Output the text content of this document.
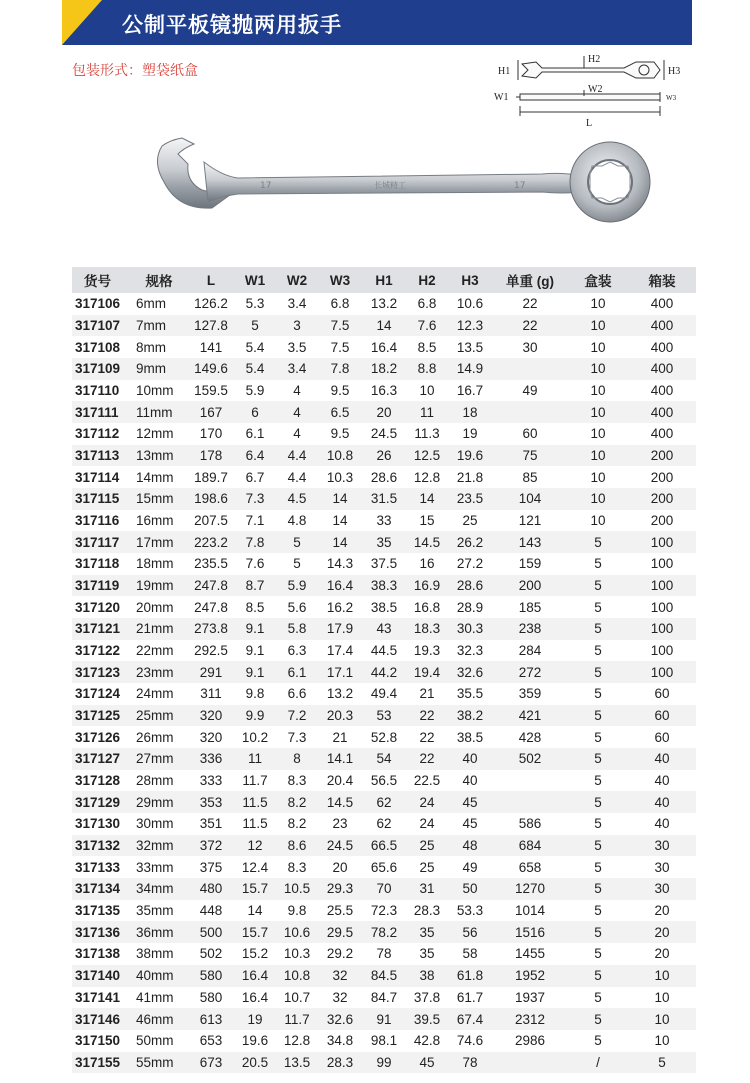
公制平板镜抛两用扳手
包装形式：塑袋纸盒	H1
H2
H3
W1
W2
W3
L
17	长城精工	17
货号	规格	L	W1	W2	W3	H1	H2	H3	单重 (g)	盒装	箱装
317106	6mm	126.2	5.3	3.4	6.8	13.2	6.8	10.6	22	10	400
317107	7mm	127.8	5	3	7.5	14	7.6	12.3	22	10	400
317108	8mm	141	5.4	3.5	7.5	16.4	8.5	13.5	30	10	400
317109	9mm	149.6	5.4	3.4	7.8	18.2	8.8	14.9		10	400
317110	10mm	159.5	5.9	4	9.5	16.3	10	16.7	49	10	400
317111	11mm	167	6	4	6.5	20	11	18		10	400
317112	12mm	170	6.1	4	9.5	24.5	11.3	19	60	10	400
317113	13mm	178	6.4	4.4	10.8	26	12.5	19.6	75	10	200
317114	14mm	189.7	6.7	4.4	10.3	28.6	12.8	21.8	85	10	200
317115	15mm	198.6	7.3	4.5	14	31.5	14	23.5	104	10	200
317116	16mm	207.5	7.1	4.8	14	33	15	25	121	10	200
317117	17mm	223.2	7.8	5	14	35	14.5	26.2	143	5	100
317118	18mm	235.5	7.6	5	14.3	37.5	16	27.2	159	5	100
317119	19mm	247.8	8.7	5.9	16.4	38.3	16.9	28.6	200	5	100
317120	20mm	247.8	8.5	5.6	16.2	38.5	16.8	28.9	185	5	100
317121	21mm	273.8	9.1	5.8	17.9	43	18.3	30.3	238	5	100
317122	22mm	292.5	9.1	6.3	17.4	44.5	19.3	32.3	284	5	100
317123	23mm	291	9.1	6.1	17.1	44.2	19.4	32.6	272	5	100
317124	24mm	311	9.8	6.6	13.2	49.4	21	35.5	359	5	60
317125	25mm	320	9.9	7.2	20.3	53	22	38.2	421	5	60
317126	26mm	320	10.2	7.3	21	52.8	22	38.5	428	5	60
317127	27mm	336	11	8	14.1	54	22	40	502	5	40
317128	28mm	333	11.7	8.3	20.4	56.5	22.5	40		5	40
317129	29mm	353	11.5	8.2	14.5	62	24	45		5	40
317130	30mm	351	11.5	8.2	23	62	24	45	586	5	40
317132	32mm	372	12	8.6	24.5	66.5	25	48	684	5	30
317133	33mm	375	12.4	8.3	20	65.6	25	49	658	5	30
317134	34mm	480	15.7	10.5	29.3	70	31	50	1270	5	30
317135	35mm	448	14	9.8	25.5	72.3	28.3	53.3	1014	5	20
317136	36mm	500	15.7	10.6	29.5	78.2	35	56	1516	5	20
317138	38mm	502	15.2	10.3	29.2	78	35	58	1455	5	20
317140	40mm	580	16.4	10.8	32	84.5	38	61.8	1952	5	10
317141	41mm	580	16.4	10.7	32	84.7	37.8	61.7	1937	5	10
317146	46mm	613	19	11.7	32.6	91	39.5	67.4	2312	5	10
317150	50mm	653	19.6	12.8	34.8	98.1	42.8	74.6	2986	5	10
317155	55mm	673	20.5	13.5	28.3	99	45	78		/	5
